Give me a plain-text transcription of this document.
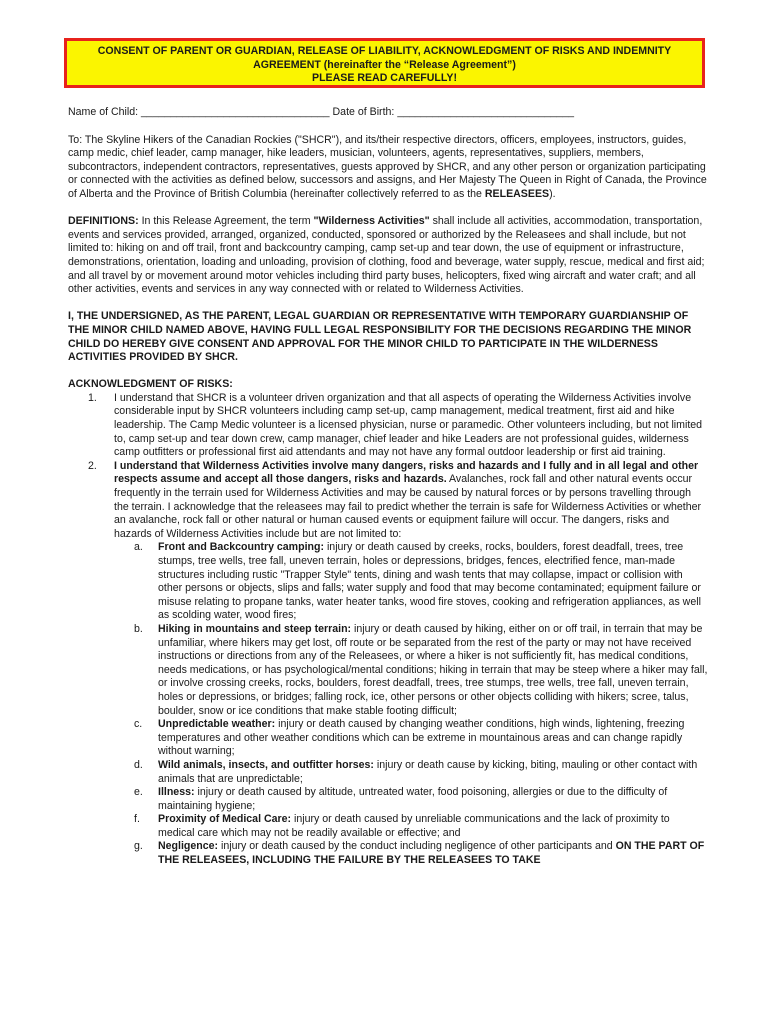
CONSENT OF PARENT OR GUARDIAN, RELEASE OF LIABILITY, ACKNOWLEDGMENT OF RISKS AND INDEMNITY
AGREEMENT (hereinafter the “Release Agreement”)
PLEASE READ CAREFULLY!

Name of Child: ________________________________ Date of Birth: ______________________________

To: The Skyline Hikers of the Canadian Rockies ("SHCR"), and its/their respective directors, officers, employees, instructors, guides, camp medic, chief leader, camp manager, hike leaders, musician, volunteers, agents, representatives, suppliers, members, subcontractors, independent contractors, representatives, guests approved by SHCR, and any other person or organization participating or connected with the activities as defined below, successors and assigns, and Her Majesty The Queen in Right of Canada, the Province of Alberta and the Province of British Columbia (hereinafter collectively referred to as the RELEASEES).

DEFINITIONS: In this Release Agreement, the term "Wilderness Activities" shall include all activities, accommodation, transportation, events and services provided, arranged, organized, conducted, sponsored or authorized by the Releasees and shall include, but not limited to: hiking on and off trail, front and backcountry camping, camp set-up and tear down, the use of equipment or infrastructure, demonstrations, orientation, loading and unloading, provision of clothing, food and beverage, water supply, rescue, medical and first aid; and all travel by or movement around motor vehicles including third party buses, helicopters, fixed wing aircraft and water craft; and all other activities, events and services in any way connected with or related to Wilderness Activities.

I, THE UNDERSIGNED, AS THE PARENT, LEGAL GUARDIAN OR REPRESENTATIVE WITH TEMPORARY GUARDIANSHIP OF THE MINOR CHILD NAMED ABOVE, HAVING FULL LEGAL RESPONSIBILITY FOR THE DECISIONS REGARDING THE MINOR CHILD DO HEREBY GIVE CONSENT AND APPROVAL FOR THE MINOR CHILD TO PARTICIPATE IN THE WILDERNESS ACTIVITIES PROVIDED BY SHCR.

ACKNOWLEDGMENT OF RISKS:

1. I understand that SHCR is a volunteer driven organization and that all aspects of operating the Wilderness Activities involve considerable input by SHCR volunteers including camp set-up, camp management, medical treatment, first aid and hike leadership. The Camp Medic volunteer is a licensed physician, nurse or paramedic. Other volunteers including, but not limited to, camp set-up and tear down crew, camp manager, chief leader and hike Leaders are not professional guides, wilderness camp outfitters or professional first aid attendants and may not have any formal outdoor leadership or first aid training.
2. I understand that Wilderness Activities involve many dangers, risks and hazards and I fully and in all legal and other respects assume and accept all those dangers, risks and hazards. Avalanches, rock fall and other natural events occur frequently in the terrain used for Wilderness Activities and may be caused by natural forces or by persons travelling through the terrain. I acknowledge that the releasees may fail to predict whether the terrain is safe for Wilderness Activities or whether an avalanche, rock fall or other natural or human caused events or equipment failure will occur. The dangers, risks and hazards of Wilderness Activities include but are not limited to:
a. Front and Backcountry camping: injury or death caused by creeks, rocks, boulders, forest deadfall, trees, tree stumps, tree wells, tree fall, uneven terrain, holes or depressions, bridges, fences, electrified fence, man-made structures including rustic "Trapper Style" tents, dining and wash tents that may collapse, impact or collision with other persons or objects, slips and falls; water supply and food that may become contaminated; equipment failure or misuse relating to propane tanks, water heater tanks, wood fire stoves, cooking and refrigeration appliances, as well as scolding water, wood fires;
b. Hiking in mountains and steep terrain: injury or death caused by hiking, either on or off trail, in terrain that may be unfamiliar, where hikers may get lost, off route or be separated from the rest of the party or may not have received instructions or directions from any of the Releasees, or where a hiker is not sufficiently fit, has medical conditions, needs medications, or has psychological/mental conditions; hiking in terrain that may be steep where a hiker may fall, or involve crossing creeks, rocks, boulders, forest deadfall, trees, tree stumps, tree wells, tree fall, uneven terrain, holes or depressions, or bridges; falling rock, ice, other persons or other objects colliding with hikers; scree, talus, boulder, snow or ice conditions that make stable footing difficult;
c. Unpredictable weather: injury or death caused by changing weather conditions, high winds, lightening, freezing temperatures and other weather conditions which can be extreme in mountainous areas and can change rapidly without warning;
d. Wild animals, insects, and outfitter horses: injury or death cause by kicking, biting, mauling or other contact with animals that are unpredictable;
e. Illness: injury or death caused by altitude, untreated water, food poisoning, allergies or due to the difficulty of maintaining hygiene;
f. Proximity of Medical Care: injury or death caused by unreliable communications and the lack of proximity to medical care which may not be readily available or effective; and
g. Negligence: injury or death caused by the conduct including negligence of other participants and ON THE PART OF THE RELEASEES, INCLUDING THE FAILURE BY THE RELEASEES TO TAKE
